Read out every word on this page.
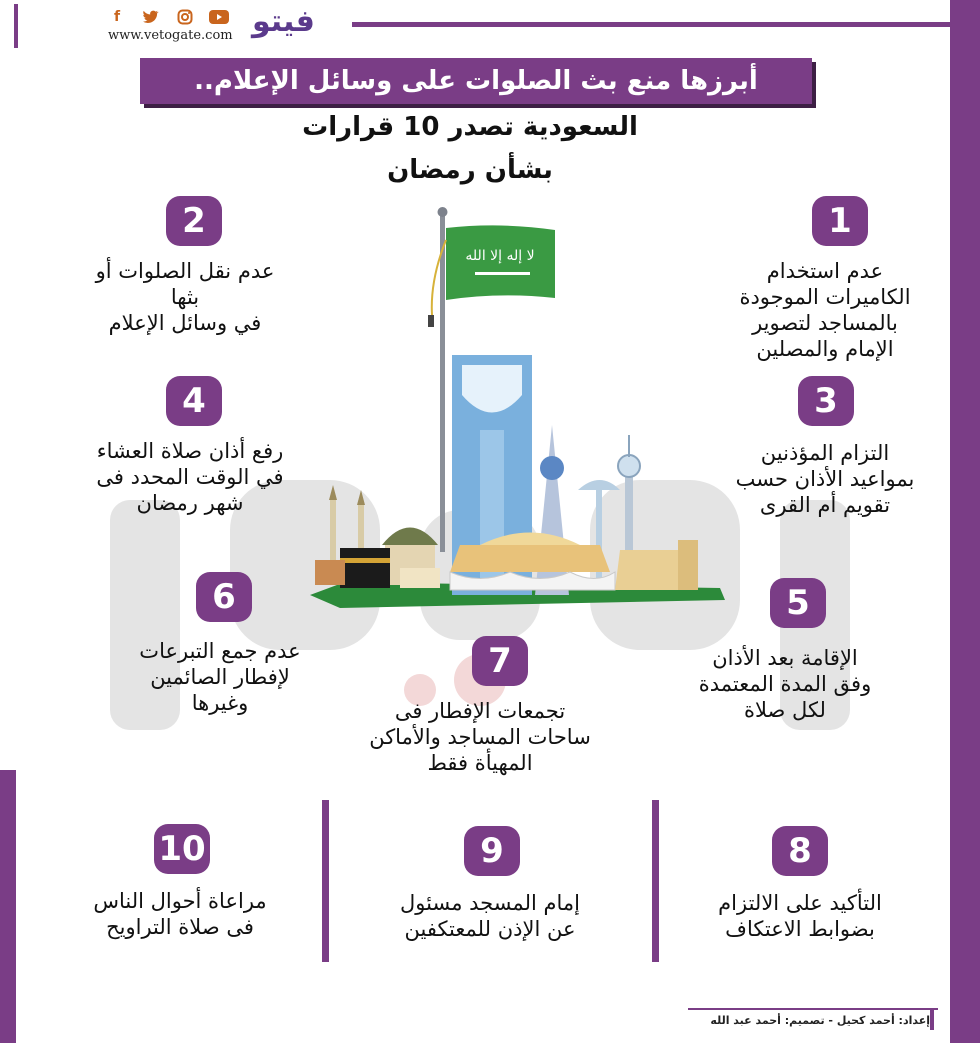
f
www.vetogate.com فيتو
أبرزها منع بث الصلوات على وسائل الإعلام..
السعودية تصدر 10 قرارات
بشأن رمضان
لا إله إلا الله
1
عدم استخدام
الكاميرات الموجودة
بالمساجد لتصوير
الإمام والمصلين
2
عدم نقل الصلوات أو
بثها
في وسائل الإعلام
3
التزام المؤذنين
بمواعيد الأذان حسب
تقويم أم القرى
4
رفع أذان صلاة العشاء
في الوقت المحدد فى
شهر رمضان
5
الإقامة بعد الأذان
وفق المدة المعتمدة
لكل صلاة
6
عدم جمع التبرعات
لإفطار الصائمين
وغيرها
7
تجمعات الإفطار فى
ساحات المساجد والأماكن
المهيأة فقط
8
التأكيد على الالتزام
بضوابط الاعتكاف
9
إمام المسجد مسئول
عن الإذن للمعتكفين
10
مراعاة أحوال الناس
فى صلاة التراويح
إعداد: أحمد كحيل - تصميم: أحمد عبد الله
